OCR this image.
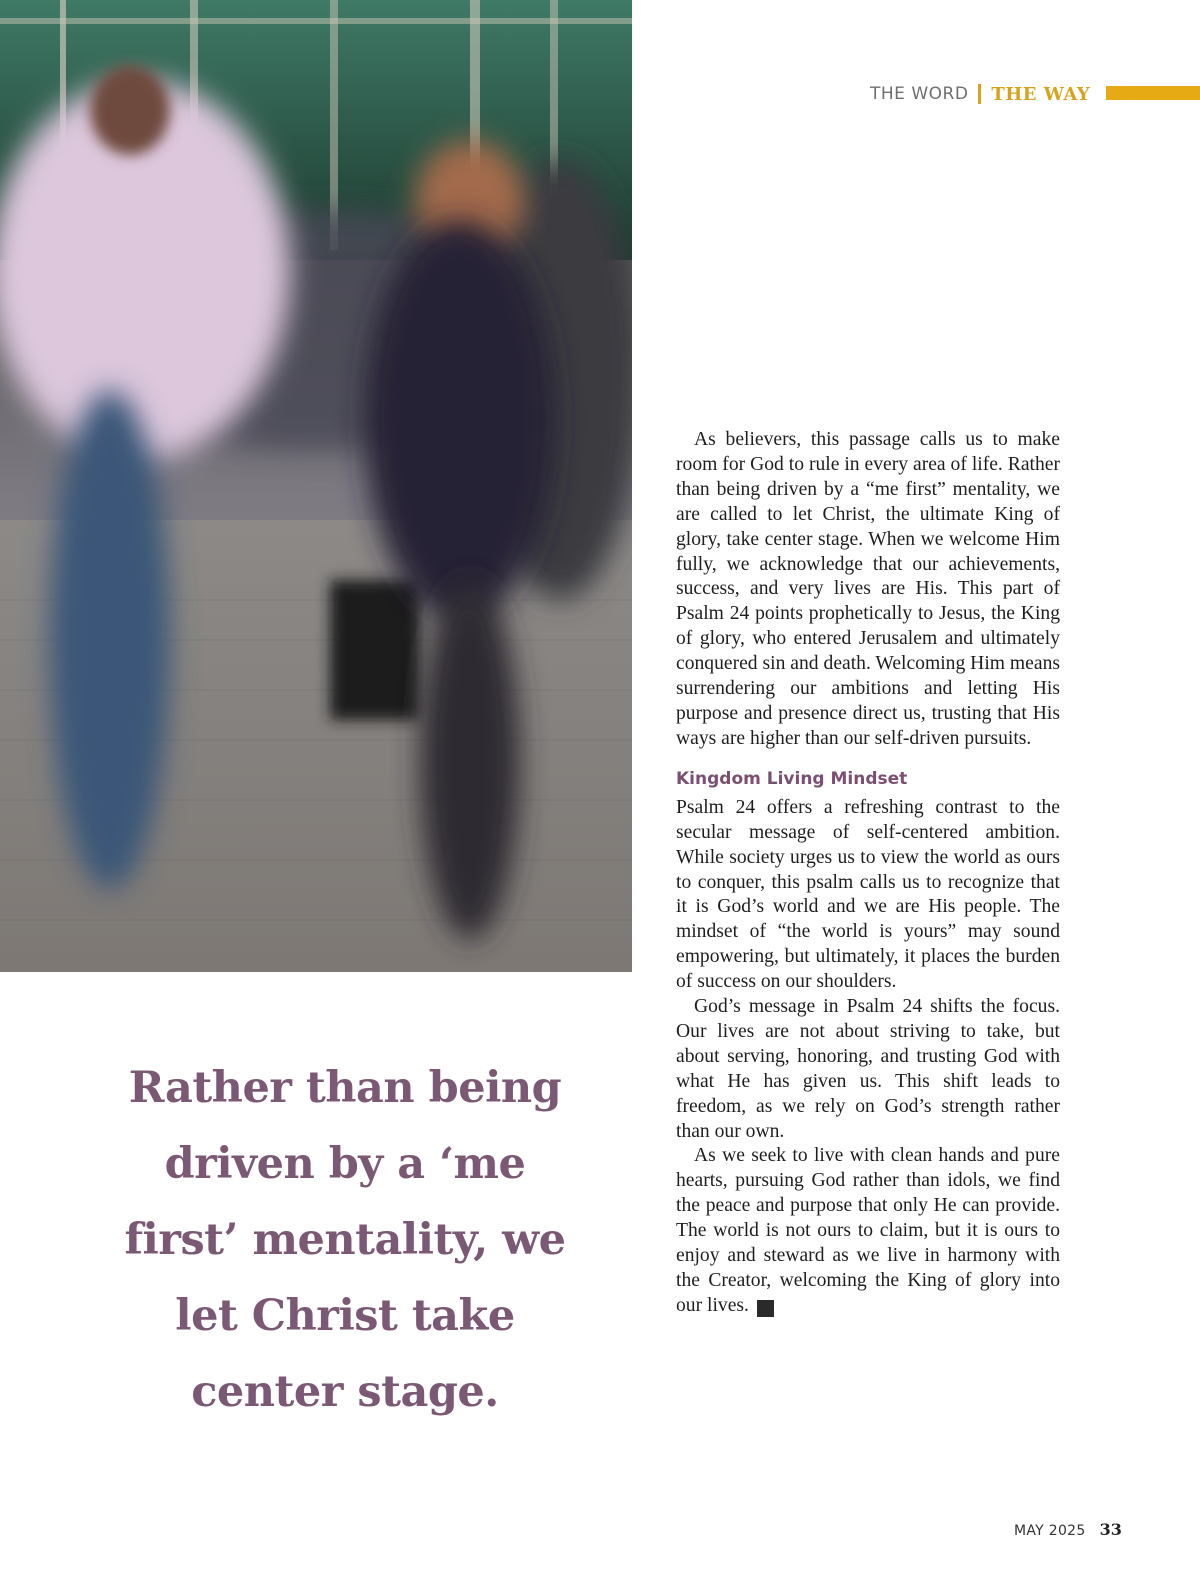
THE WORD THE WAY
Rather than being driven by a ‘me first’ mentality, we let Christ take center stage.

As believers, this passage calls us to make room for God to rule in every area of life. Rather than being driven by a “me first” mentality, we are called to let Christ, the ultimate King of glory, take center stage. When we welcome Him fully, we acknowledge that our achievements, success, and very lives are His. This part of Psalm 24 points prophetically to Jesus, the King of glory, who entered Jerusalem and ultimately conquered sin and death. Welcoming Him means surrendering our ambitions and letting His purpose and presence direct us, trusting that His ways are higher than our self-driven pursuits.

Kingdom Living Mindset

Psalm 24 offers a refreshing contrast to the secular message of self-centered ambition. While society urges us to view the world as ours to conquer, this psalm calls us to recognize that it is God’s world and we are His people. The mindset of “the world is yours” may sound empowering, but ultimately, it places the burden of success on our shoulders.

God’s message in Psalm 24 shifts the focus. Our lives are not about striving to take, but about serving, honoring, and trusting God with what He has given us. This shift leads to freedom, as we rely on God’s strength rather than our own.

As we seek to live with clean hands and pure hearts, pursuing God rather than idols, we find the peace and purpose that only He can provide. The world is not ours to claim, but it is ours to enjoy and steward as we live in harmony with the Creator, welcoming the King of glory into our lives. ❧

MAY 2025 33
